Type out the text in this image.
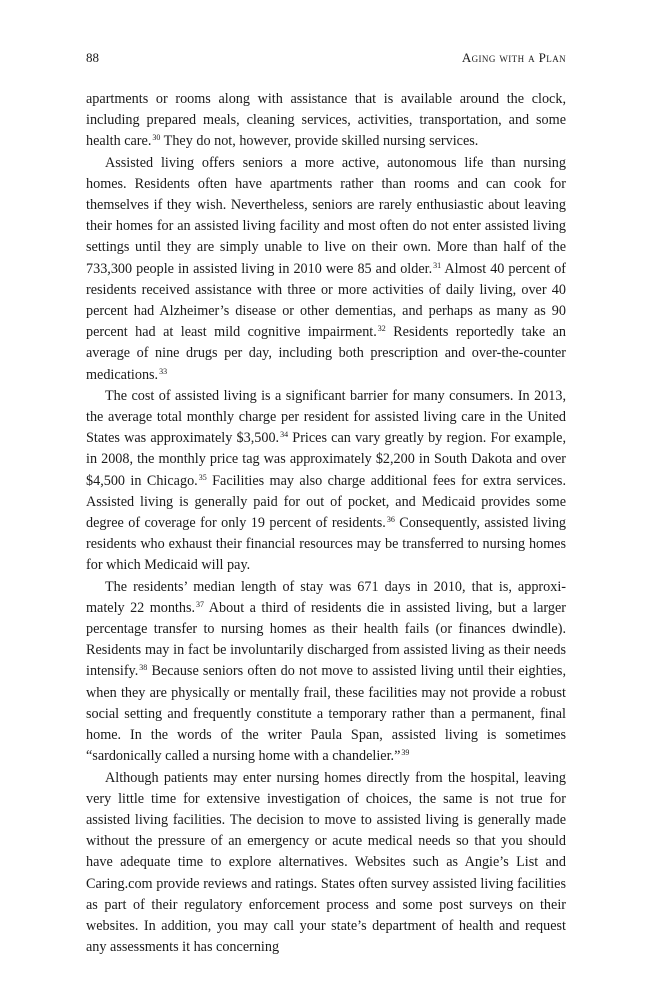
88	Aging with a Plan

apartments or rooms along with assistance that is available around the clock, including prepared meals, cleaning services, activities, transportation, and some health care.$^{30}$ They do not, however, provide skilled nursing services.

Assisted living offers seniors a more active, autonomous life than nursing homes. Residents often have apartments rather than rooms and can cook for themselves if they wish. Nevertheless, seniors are rarely enthusiastic about leaving their homes for an assisted living facility and most often do not enter assisted living settings until they are simply unable to live on their own. More than half of the 733,300 people in assisted living in 2010 were 85 and older.$^{31}$ Almost 40 percent of residents received assistance with three or more activities of daily living, over 40 percent had Alzheimer’s disease or other dementias, and perhaps as many as 90 percent had at least mild cognitive impairment.$^{32}$ Residents reportedly take an average of nine drugs per day, including both prescription and over-the-counter medications.$^{33}$

The cost of assisted living is a significant barrier for many consumers. In 2013, the average total monthly charge per resident for assisted living care in the United States was approximately $3,500.34 Prices can vary greatly by region. For example, in 2008, the monthly price tag was approximately $2,200 in South Dakota and over $4,500 in Chicago.$^{35}$ Facilities may also charge additional fees for extra services. Assisted living is generally paid for out of pocket, and Medicaid provides some degree of coverage for only 19 percent of residents.$^{36}$ Consequently, assisted living residents who exhaust their financial resources may be transferred to nursing homes for which Medicaid will pay.

The residents’ median length of stay was 671 days in 2010, that is, approximately 22 months.$^{37}$ About a third of residents die in assisted living, but a larger percentage transfer to nursing homes as their health fails (or finances dwindle). Residents may in fact be involuntarily discharged from assisted living as their needs intensify.$^{38}$ Because seniors often do not move to assisted living until their eighties, when they are physically or mentally frail, these facilities may not provide a robust social setting and frequently constitute a temporary rather than a permanent, final home. In the words of the writer Paula Span, assisted living is sometimes “sardonically called a nursing home with a chandelier.”$^{39}$

Although patients may enter nursing homes directly from the hospital, leaving very little time for extensive investigation of choices, the same is not true for assisted living facilities. The decision to move to assisted living is generally made without the pressure of an emergency or acute medical needs so that you should have adequate time to explore alternatives. Websites such as Angie’s List and Caring.com provide reviews and ratings. States often survey assisted living facilities as part of their regulatory enforcement process and some post surveys on their websites. In addition, you may call your state’s department of health and request any assessments it has concerning
